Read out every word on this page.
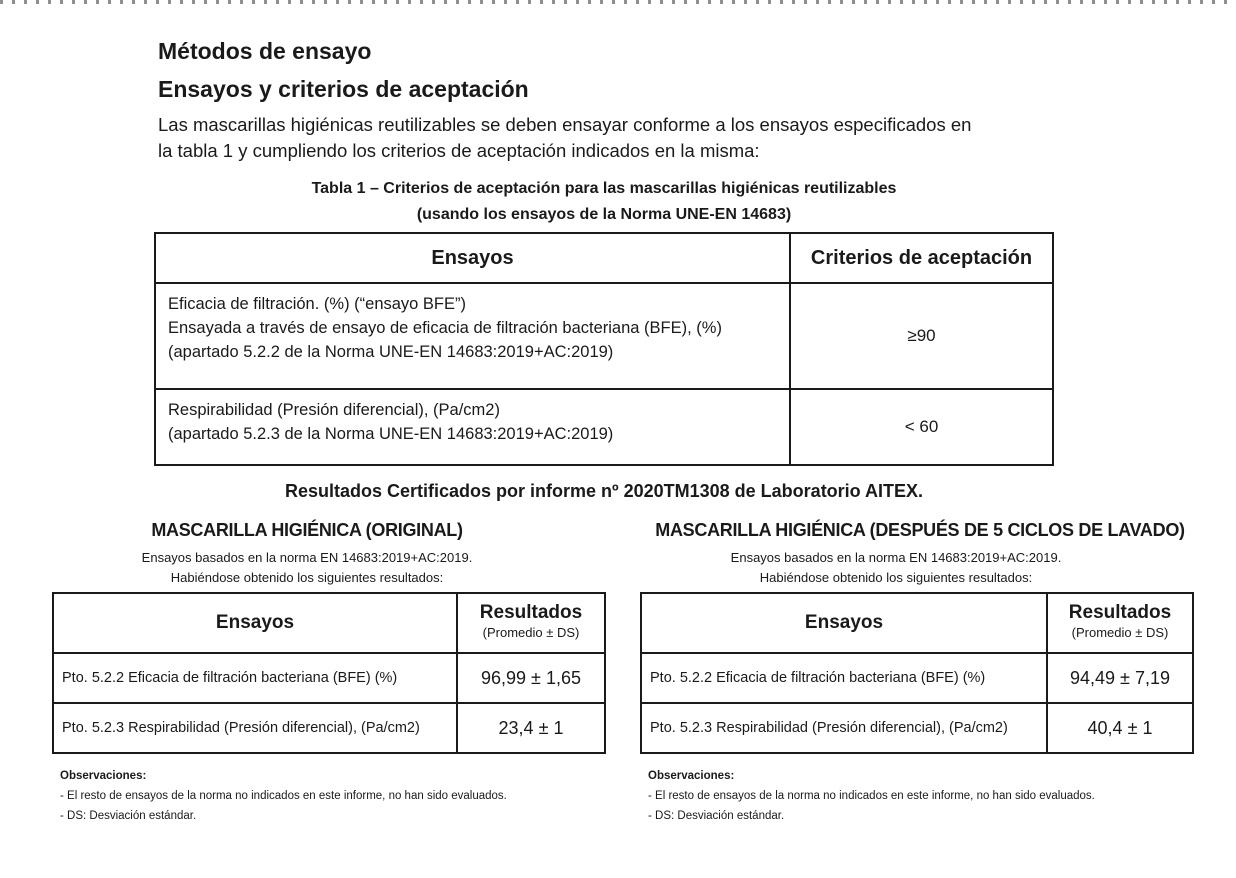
Métodos de ensayo
Ensayos y criterios de aceptación
Las mascarillas higiénicas reutilizables se deben ensayar conforme a los ensayos especificados en
la tabla 1 y cumpliendo los criterios de aceptación indicados en la misma:
Tabla 1 – Criterios de aceptación para las mascarillas higiénicas reutilizables
(usando los ensayos de la Norma UNE-EN 14683)
Ensayos	Criterios de aceptación

Eficacia de filtración. (%) (“ensayo BFE”)
Ensayada a través de ensayo de eficacia de filtración bacteriana (BFE), (%)
(apartado 5.2.2 de la Norma UNE-EN 14683:2019+AC:2019)	≥90

Respirabilidad (Presión diferencial), (Pa/cm2)
(apartado 5.2.3 de la Norma UNE-EN 14683:2019+AC:2019)	< 60
Resultados Certificados por informe nº 2020TM1308 de Laboratorio AITEX.
MASCARILLA HIGIÉNICA (ORIGINAL)
Ensayos basados en la norma EN 14683:2019+AC:2019.
Habiéndose obtenido los siguientes resultados:
Ensayos	Resultados
(Promedio ± DS)

Pto. 5.2.2 Eficacia de filtración bacteriana (BFE) (%)	96,99 ± 1,65
Pto. 5.2.3 Respirabilidad (Presión diferencial), (Pa/cm2)	23,4 ± 1
Observaciones:
- El resto de ensayos de la norma no indicados en este informe, no han sido evaluados.
- DS: Desviación estándar.
MASCARILLA HIGIÉNICA (DESPUÉS DE 5 CICLOS DE LAVADO)
Ensayos basados en la norma EN 14683:2019+AC:2019.
Habiéndose obtenido los siguientes resultados:
Ensayos	Resultados
(Promedio ± DS)

Pto. 5.2.2 Eficacia de filtración bacteriana (BFE) (%)	94,49 ± 7,19
Pto. 5.2.3 Respirabilidad (Presión diferencial), (Pa/cm2)	40,4 ± 1
Observaciones:
- El resto de ensayos de la norma no indicados en este informe, no han sido evaluados.
- DS: Desviación estándar.
